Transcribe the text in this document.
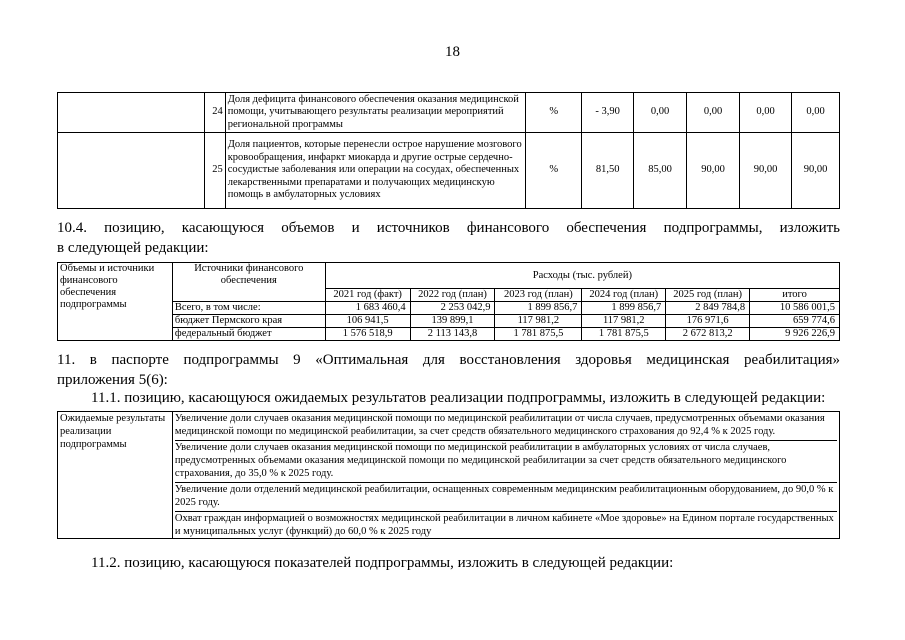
18
	24	Доля дефицита финансового обеспечения оказания медицинской помощи, учитывающего результаты реализации мероприятий региональной программы	%	- 3,90	0,00	0,00	0,00	0,00
	25	Доля пациентов, которые перенесли острое нарушение мозгового кровообращения, инфаркт миокарда и другие острые сердечно-сосудистые заболевания или операции на сосудах, обеспеченных лекарственными препаратами и получающих медицинскую помощь в амбулаторных условиях	%	81,50	85,00	90,00	90,00	90,00
10.4. позицию, касающуюся объемов и источников финансового обеспечения подпрограммы, изложить
в следующей редакции:
Объемы и источники финансового обеспечения подпрограммы	Источники финансового обеспечения	Расходы (тыс. рублей)					
		2021 год (факт)	2022 год (план)	2023 год (план)	2024 год (план)	2025 год (план)	итого
	Всего, в том числе:	1 683 460,4	2 253 042,9	1 899 856,7	1 899 856,7	2 849 784,8	10 586 001,5
	бюджет Пермского края	106 941,5	139 899,1	117 981,2	117 981,2	176 971,6	659 774,6
	федеральный бюджет	1 576 518,9	2 113 143,8	1 781 875,5	1 781 875,5	2 672 813,2	9 926 226,9
11. в паспорте подпрограммы 9 «Оптимальная для восстановления здоровья медицинская реабилитация»
приложения 5(6):
11.1. позицию, касающуюся ожидаемых результатов реализации подпрограммы, изложить в следующей редакции:
Ожидаемые результаты реализации подпрограммы	
Увеличение доли случаев оказания медицинской помощи по медицинской реабилитации от числа случаев, предусмотренных объемами оказания медицинской помощи по медицинской реабилитации, за счет средств обязательного медицинского страхования до 92,4 % к 2025 году.
Увеличение доли случаев оказания медицинской помощи по медицинской реабилитации в амбулаторных условиях от числа случаев, предусмотренных объемами оказания медицинской помощи по медицинской реабилитации за счет средств обязательного медицинского страхования, до 35,0 % к 2025 году.
Увеличение доли отделений медицинской реабилитации, оснащенных современным медицинским реабилитационным оборудованием, до 90,0 % к 2025 году.
Охват граждан информацией о возможностях медицинской реабилитации в личном кабинете «Мое здоровье» на Едином портале государственных и муниципальных услуг (функций) до 60,0 % к 2025 году
11.2. позицию, касающуюся показателей подпрограммы, изложить в следующей редакции:
